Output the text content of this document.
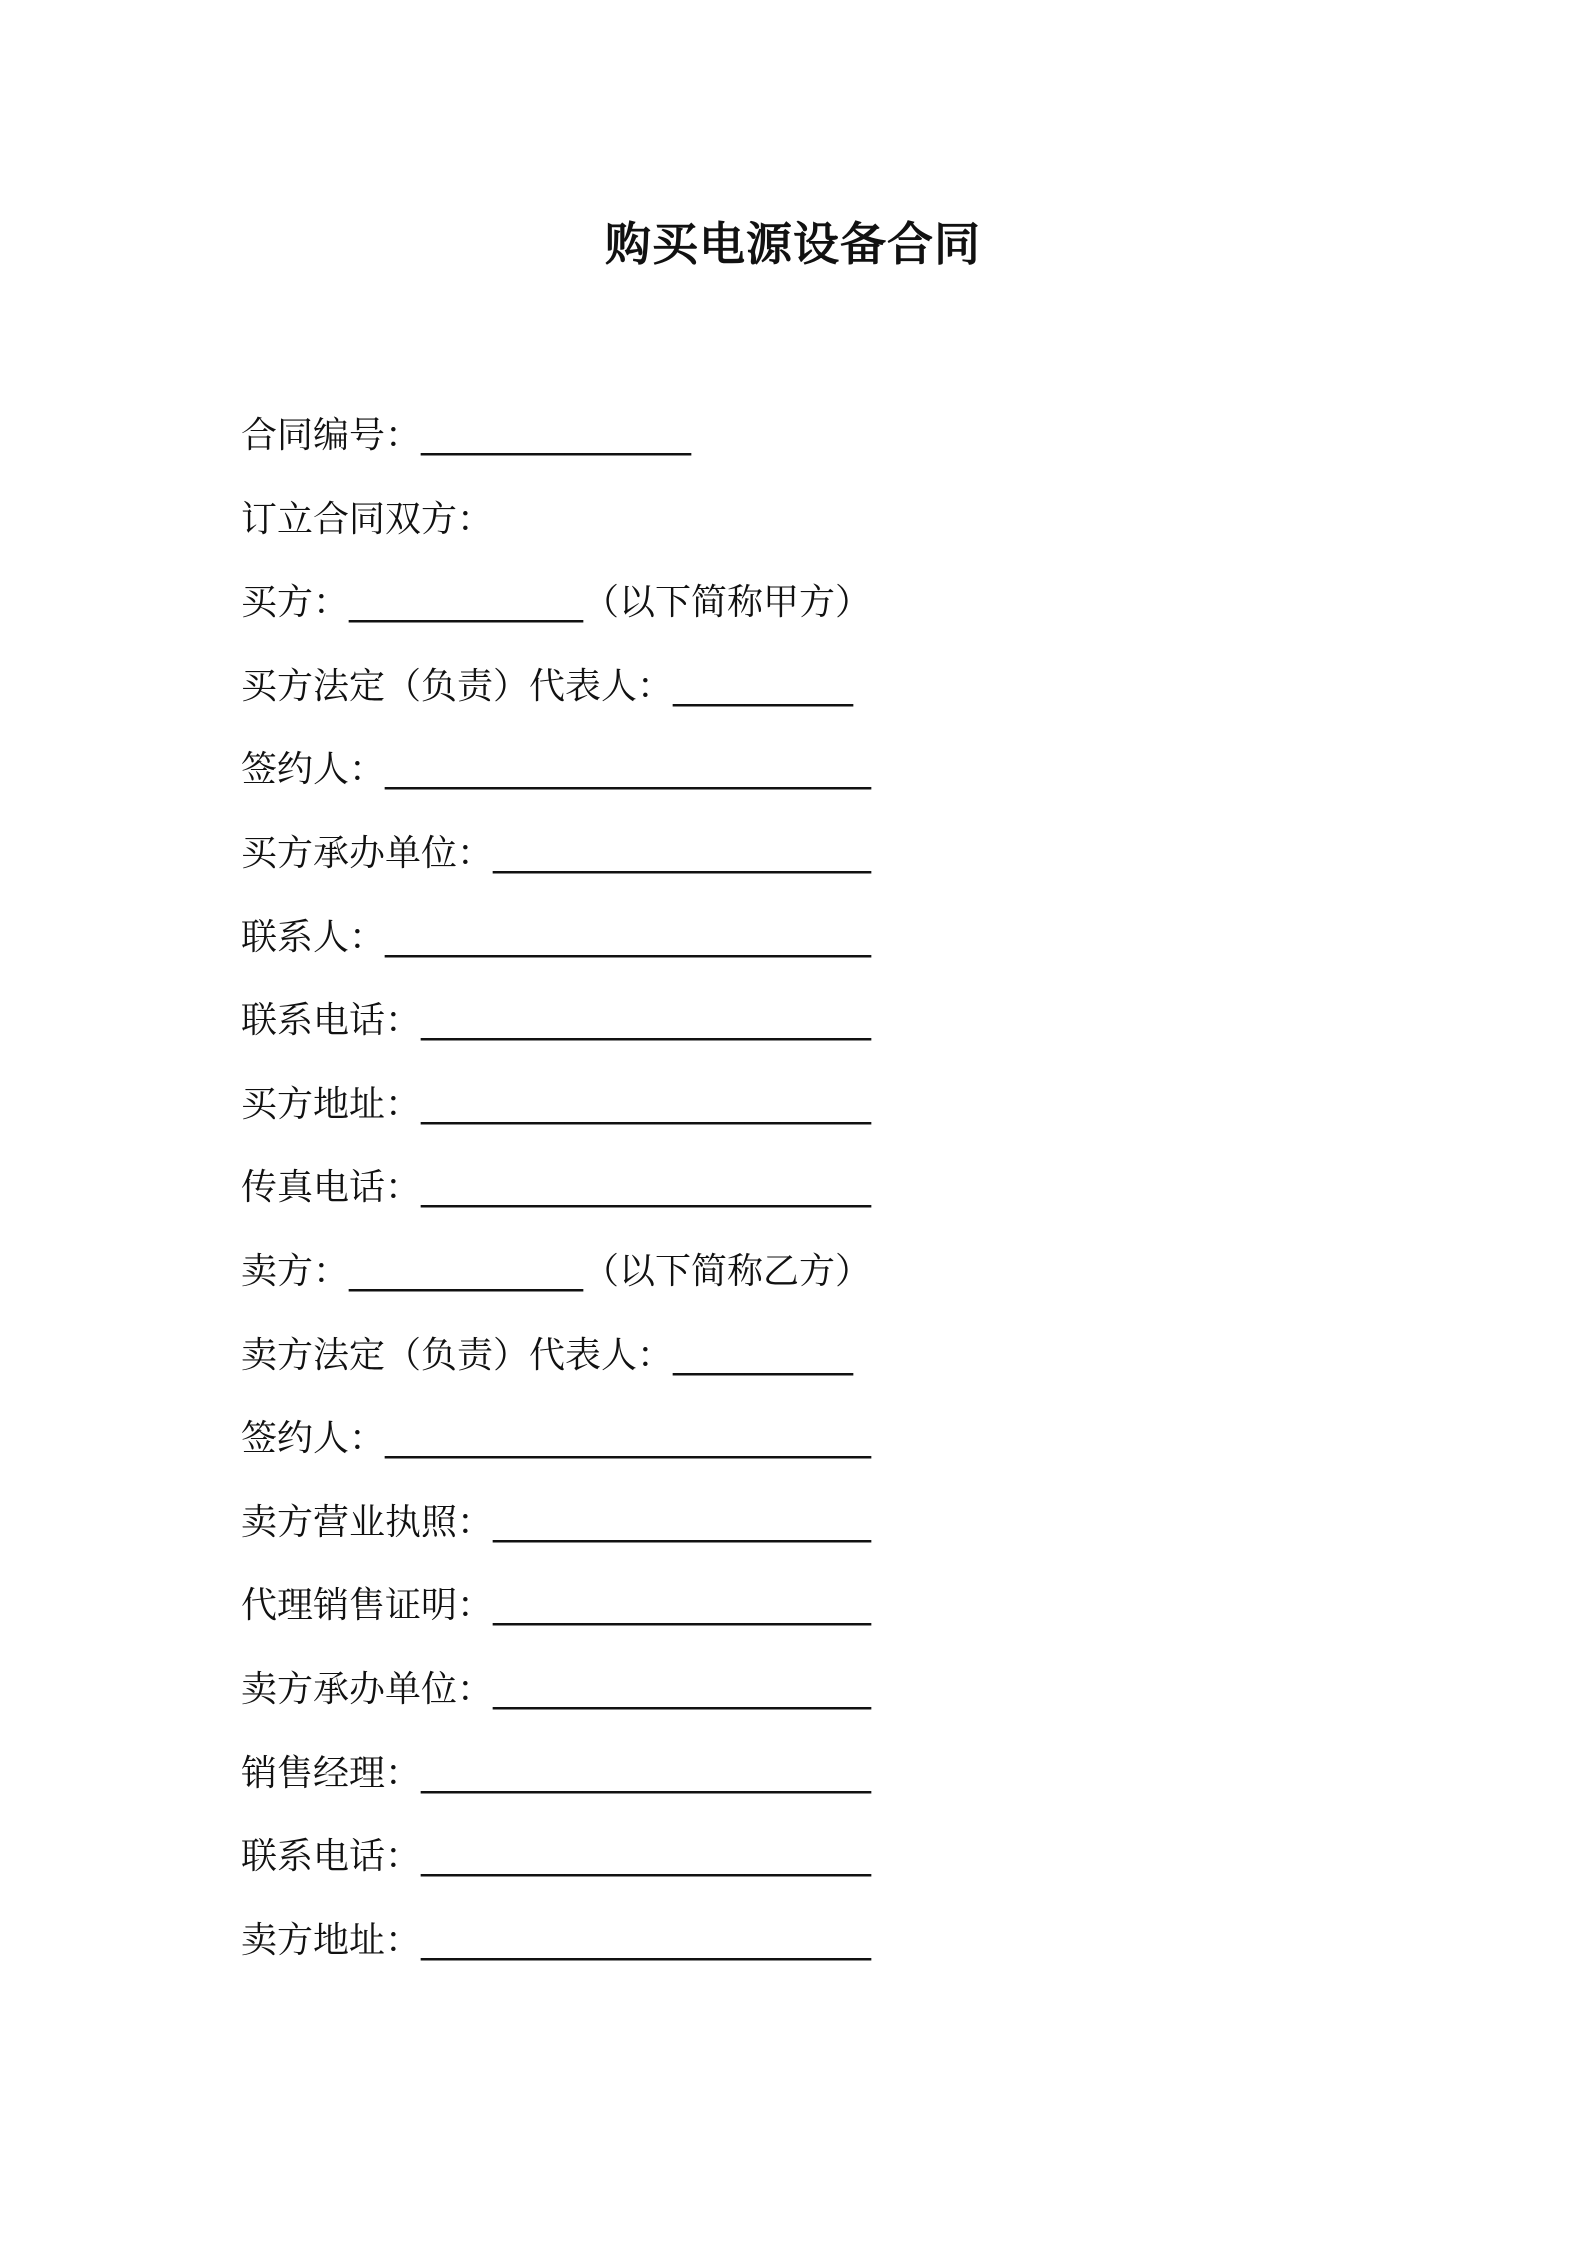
购买电源设备合同
合同编号：_______________
订立合同双方：
买方：_____________（以下简称甲方）
买方法定（负责）代表人：__________
签约人：___________________________
买方承办单位：_____________________
联系人：___________________________
联系电话：_________________________
买方地址：_________________________
传真电话：_________________________
卖方：_____________（以下简称乙方）
卖方法定（负责）代表人：__________
签约人：___________________________
卖方营业执照：_____________________
代理销售证明：_____________________
卖方承办单位：_____________________
销售经理：_________________________
联系电话：_________________________
卖方地址：_________________________
